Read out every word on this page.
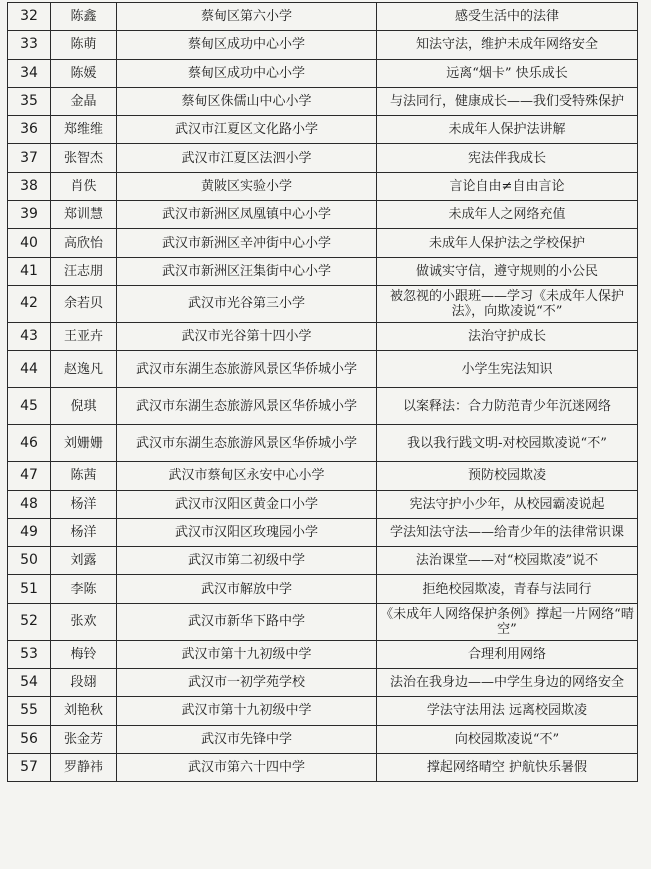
32	陈鑫	蔡甸区第六小学	感受生活中的法律
33	陈萌	蔡甸区成功中心小学	知法守法，维护未成年网络安全
34	陈媛	蔡甸区成功中心小学	远离“烟卡” 快乐成长
35	金晶	蔡甸区侏儒山中心小学	与法同行，健康成长——我们受特殊保护
36	郑维维	武汉市江夏区文化路小学	未成年人保护法讲解
37	张智杰	武汉市江夏区法泗小学	宪法伴我成长
38	肖佚	黄陂区实验小学	言论自由≠自由言论
39	郑训慧	武汉市新洲区凤凰镇中心小学	未成年人之网络充值
40	高欣怡	武汉市新洲区辛冲街中心小学	未成年人保护法之学校保护
41	汪志朋	武汉市新洲区汪集街中心小学	做诚实守信，遵守规则的小公民
42	余若贝	武汉市光谷第三小学	被忽视的小跟班——学习《未成年人保护法》，向欺凌说“不”
43	王亚卉	武汉市光谷第十四小学	法治守护成长
44	赵逸凡	武汉市东湖生态旅游风景区华侨城小学	小学生宪法知识
45	倪琪	武汉市东湖生态旅游风景区华侨城小学	以案释法：合力防范青少年沉迷网络
46	刘姗姗	武汉市东湖生态旅游风景区华侨城小学	我以我行践文明-对校园欺凌说“不”
47	陈茜	武汉市蔡甸区永安中心小学	预防校园欺凌
48	杨洋	武汉市汉阳区黄金口小学	宪法守护小少年，从校园霸凌说起
49	杨洋	武汉市汉阳区玫瑰园小学	学法知法守法——给青少年的法律常识课
50	刘露	武汉市第二初级中学	法治课堂——对“校园欺凌”说不
51	李陈	武汉市解放中学	拒绝校园欺凌，青春与法同行
52	张欢	武汉市新华下路中学	《未成年人网络保护条例》撑起一片网络“晴空”
53	梅铃	武汉市第十九初级中学	合理利用网络
54	段翃	武汉市一初学苑学校	法治在我身边——中学生身边的网络安全
55	刘艳秋	武汉市第十九初级中学	学法守法用法 远离校园欺凌
56	张金芳	武汉市先锋中学	向校园欺凌说“不”
57	罗静祎	武汉市第六十四中学	撑起网络晴空 护航快乐暑假
